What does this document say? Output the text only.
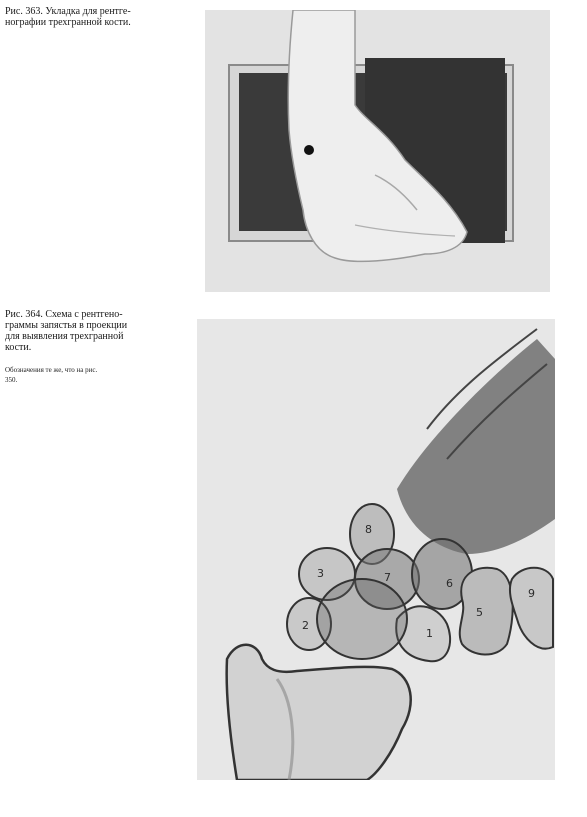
Рис. 363. Укладка для рентге-нографии трехгранной кости.
Рис. 364. Схема с рентгено-граммы запястья в проекции для выявления трехгранной кости.
Обозначения те же, что на рис. 350.
8
3	7	6
5
9
2
1
